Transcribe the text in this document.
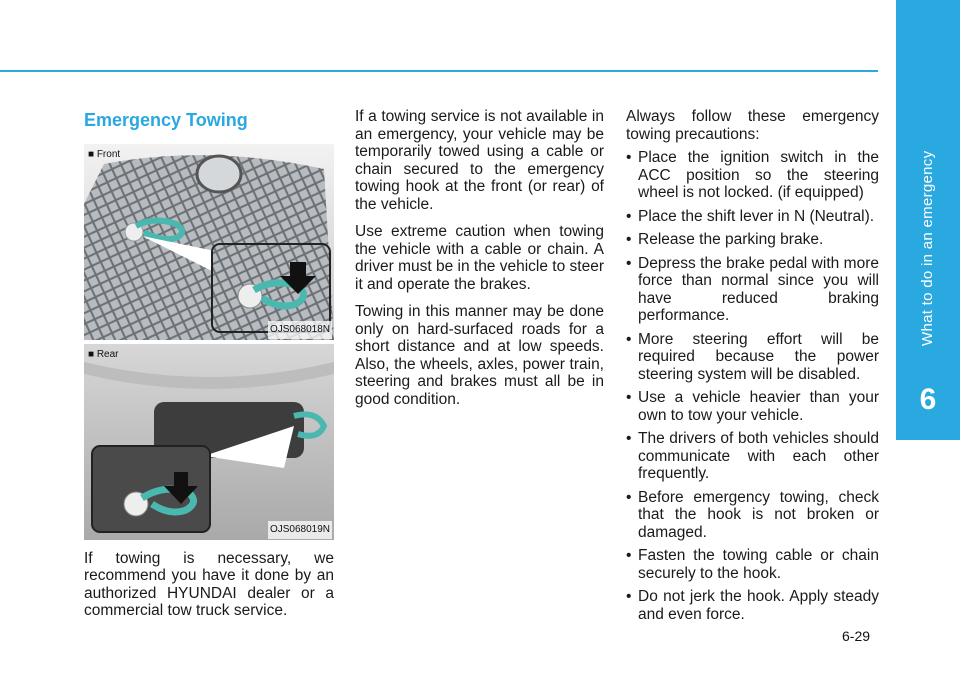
What to do in an emergency
6
Emergency Towing
■ Front
OJS068018N
■ Rear
OJS068019N

If towing is necessary, we recommend you have it done by an authorized HYUNDAI dealer or a commercial tow truck service.

If a towing service is not available in an emergency, your vehicle may be temporarily towed using a cable or chain secured to the emergency towing hook at the front (or rear) of the vehicle.

Use extreme caution when towing the vehicle with a cable or chain. A driver must be in the vehicle to steer it and operate the brakes.

Towing in this manner may be done only on hard-surfaced roads for a short distance and at low speeds. Also, the wheels, axles, power train, steering and brakes must all be in good condition.

Always follow these emergency towing precautions:

• Place the ignition switch in the ACC position so the steering wheel is not locked. (if equipped)
• Place the shift lever in N (Neutral).
• Release the parking brake.
• Depress the brake pedal with more force than normal since you will have reduced braking performance.
• More steering effort will be required because the power steering system will be disabled.
• Use a vehicle heavier than your own to tow your vehicle.
• The drivers of both vehicles should communicate with each other frequently.
• Before emergency towing, check that the hook is not broken or damaged.
• Fasten the towing cable or chain securely to the hook.
• Do not jerk the hook. Apply steady and even force.
6-29
